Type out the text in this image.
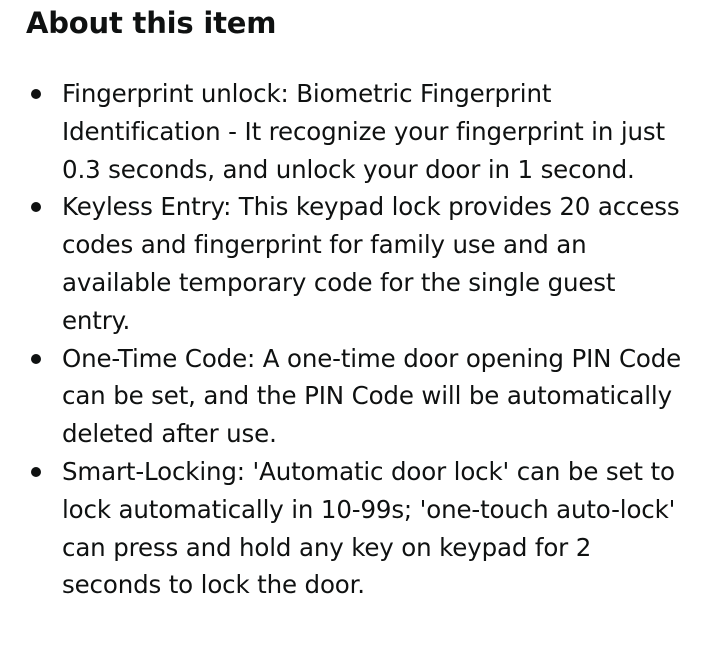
About this item
Fingerprint unlock: Biometric Fingerprint Identification - It recognize your fingerprint in just 0.3 seconds, and unlock your door in 1 second.
Keyless Entry: This keypad lock provides 20 access codes and fingerprint for family use and an available temporary code for the single guest entry.
One-Time Code: A one-time door opening PIN Code can be set, and the PIN Code will be automatically deleted after use.
Smart-Locking: 'Automatic door lock' can be set to lock automatically in 10-99s; 'one-touch auto-lock' can press and hold any key on keypad for 2 seconds to lock the door.
